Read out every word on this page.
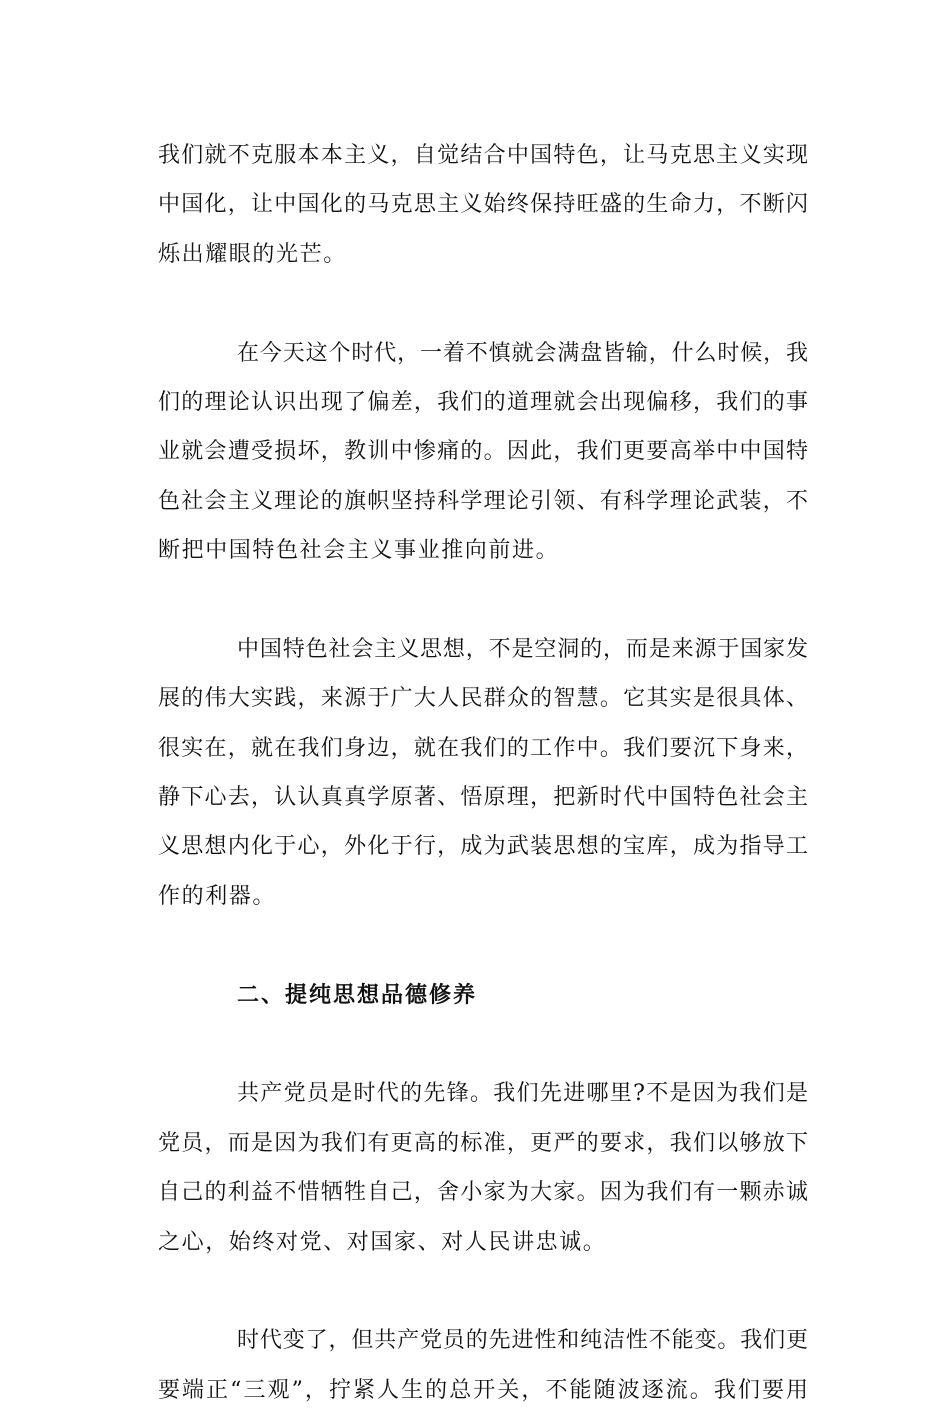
我们就不克服本本主义，自觉结合中国特色，让马克思主义实现
中国化，让中国化的马克思主义始终保持旺盛的生命力，不断闪
烁出耀眼的光芒。
在今天这个时代，一着不慎就会满盘皆输，什么时候，我
们的理论认识出现了偏差，我们的道理就会出现偏移，我们的事
业就会遭受损坏，教训中惨痛的。因此，我们更要高举中中国特
色社会主义理论的旗帜坚持科学理论引领、有科学理论武装，不
断把中国特色社会主义事业推向前进。
中国特色社会主义思想，不是空洞的，而是来源于国家发
展的伟大实践，来源于广大人民群众的智慧。它其实是很具体、
很实在，就在我们身边，就在我们的工作中。我们要沉下身来，
静下心去，认认真真学原著、悟原理，把新时代中国特色社会主
义思想内化于心，外化于行，成为武装思想的宝库，成为指导工
作的利器。
二、提纯思想品德修养
共产党员是时代的先锋。我们先进哪里?不是因为我们是
党员，而是因为我们有更高的标准，更严的要求，我们以够放下
自己的利益不惜牺牲自己，舍小家为大家。因为我们有一颗赤诚
之心，始终对党、对国家、对人民讲忠诚。
时代变了，但共产党员的先进性和纯洁性不能变。我们更
要端正“三观”，拧紧人生的总开关，不能随波逐流。我们要用
